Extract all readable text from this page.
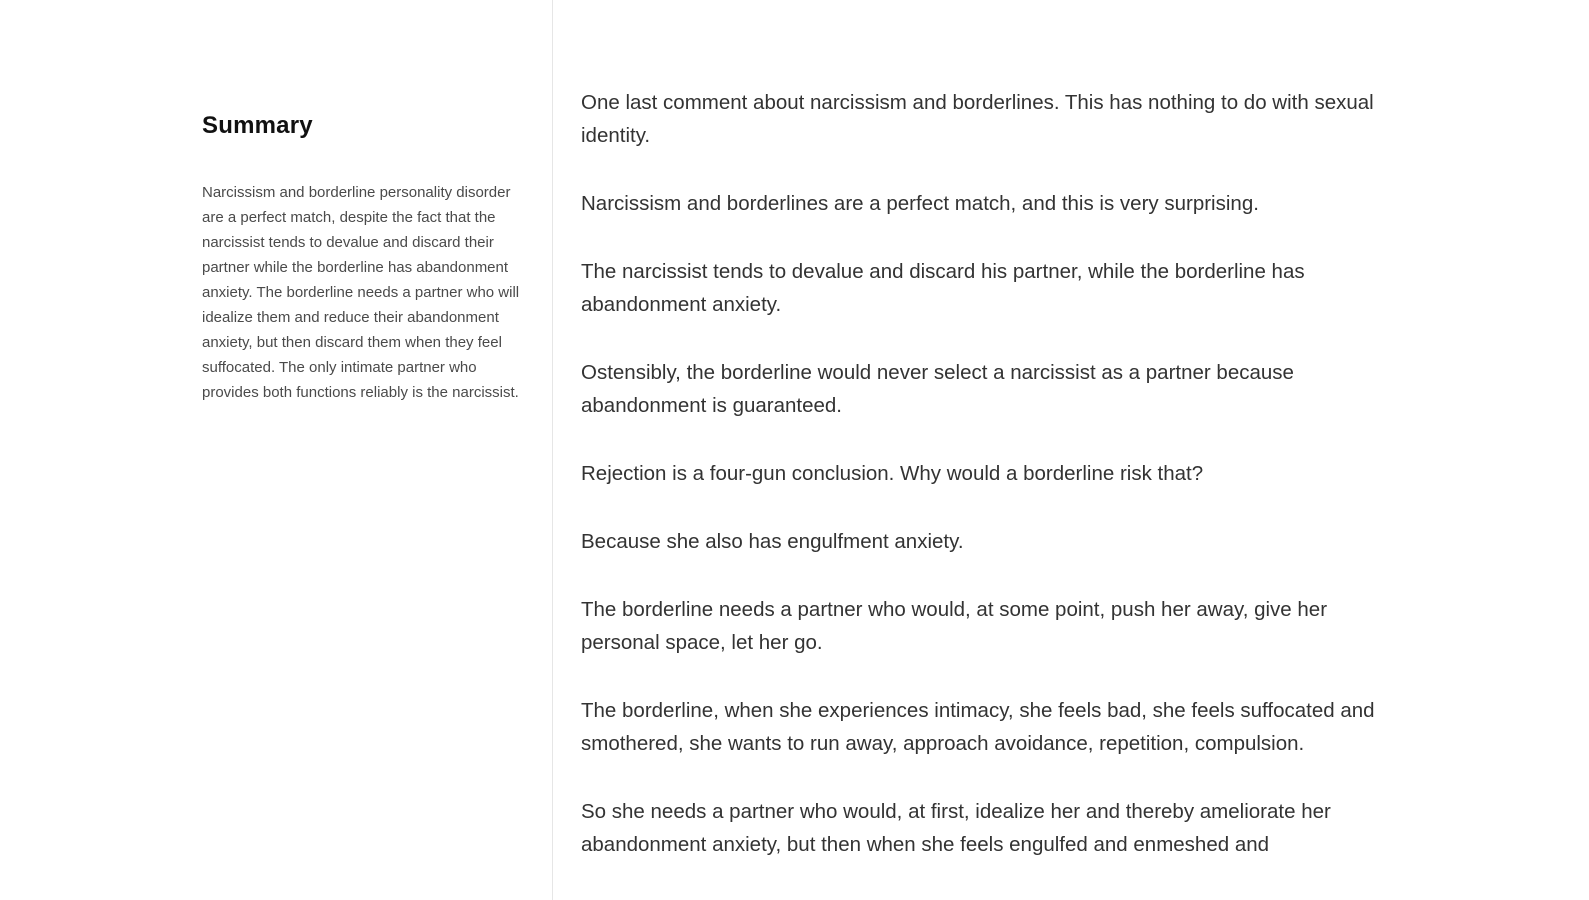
Summary

Narcissism and borderline personality disorder are a perfect match, despite the fact that the narcissist tends to devalue and discard their partner while the borderline has abandonment anxiety. The borderline needs a partner who will idealize them and reduce their abandonment anxiety, but then discard them when they feel suffocated. The only intimate partner who provides both functions reliably is the narcissist.

One last comment about narcissism and borderlines. This has nothing to do with sexual identity.

Narcissism and borderlines are a perfect match, and this is very surprising.

The narcissist tends to devalue and discard his partner, while the borderline has abandonment anxiety.

Ostensibly, the borderline would never select a narcissist as a partner because abandonment is guaranteed.

Rejection is a four-gun conclusion. Why would a borderline risk that?

Because she also has engulfment anxiety.

The borderline needs a partner who would, at some point, push her away, give her personal space, let her go.

The borderline, when she experiences intimacy, she feels bad, she feels suffocated and smothered, she wants to run away, approach avoidance, repetition, compulsion.

So she needs a partner who would, at first, idealize her and thereby ameliorate her abandonment anxiety, but then when she feels engulfed and enmeshed and
